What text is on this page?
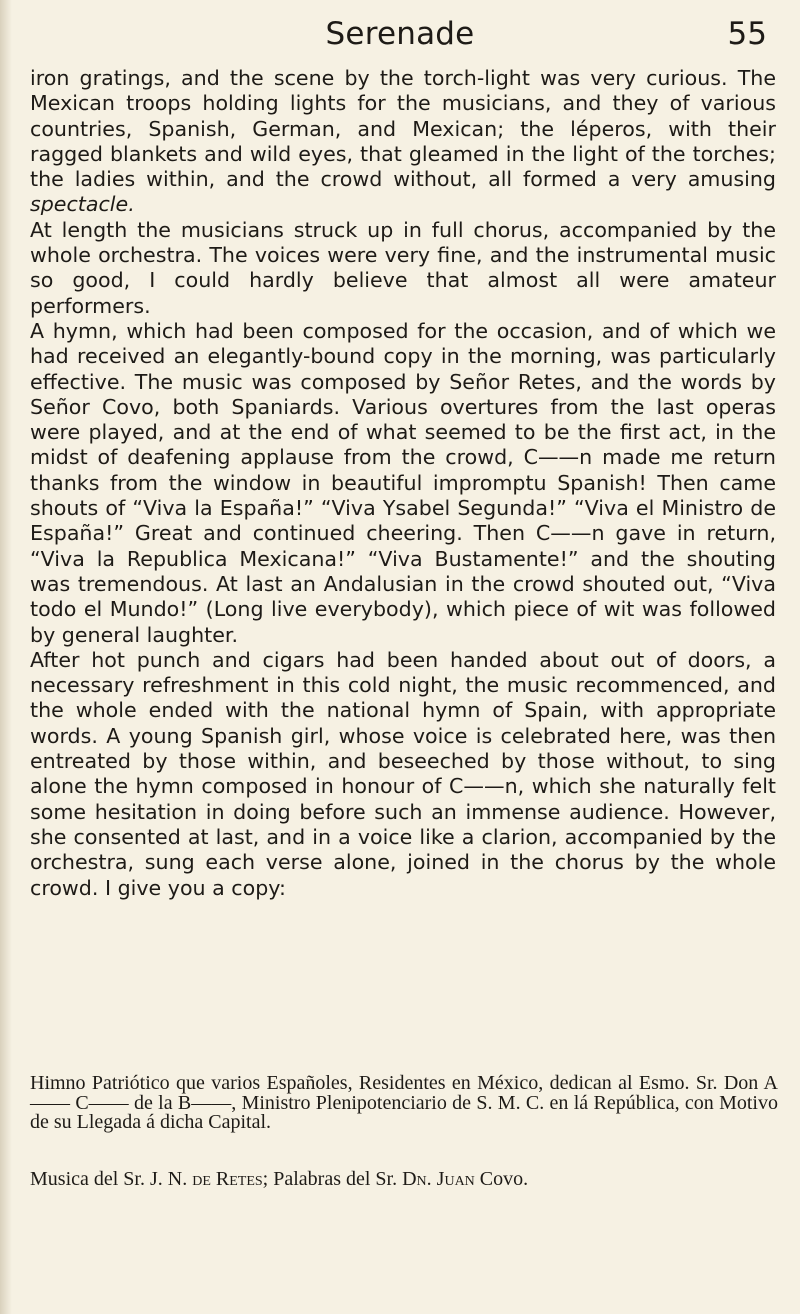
Serenade	55

iron gratings, and the scene by the torch-light was very curious. The Mexican troops holding lights for the musicians, and they of various countries, Spanish, German, and Mexican; the léperos, with their ragged blankets and wild eyes, that gleamed in the light of the torches; the ladies within, and the crowd without, all formed a very amusing spectacle.

At length the musicians struck up in full chorus, accompanied by the whole orchestra. The voices were very fine, and the instrumental music so good, I could hardly believe that almost all were amateur performers.

A hymn, which had been composed for the occasion, and of which we had received an elegantly-bound copy in the morning, was particularly effective. The music was composed by Señor Retes, and the words by Señor Covo, both Spaniards. Various overtures from the last operas were played, and at the end of what seemed to be the first act, in the midst of deafening applause from the crowd, C——n made me return thanks from the window in beautiful impromptu Spanish! Then came shouts of “Viva la España!” “Viva Ysabel Segunda!” “Viva el Ministro de España!” Great and continued cheering. Then C——n gave in return, “Viva la Republica Mexicana!” “Viva Bustamente!” and the shouting was tremendous. At last an Andalusian in the crowd shouted out, “Viva todo el Mundo!” (Long live everybody), which piece of wit was followed by general laughter.

After hot punch and cigars had been handed about out of doors, a necessary refreshment in this cold night, the music recommenced, and the whole ended with the national hymn of Spain, with appropriate words. A young Spanish girl, whose voice is celebrated here, was then entreated by those within, and beseeched by those without, to sing alone the hymn composed in honour of C——n, which she naturally felt some hesitation in doing before such an immense audience. However, she consented at last, and in a voice like a clarion, accompanied by the orchestra, sung each verse alone, joined in the chorus by the whole crowd. I give you a copy:

Himno Patriótico que varios Españoles, Residentes en México, dedican al Esmo. Sr. Don A—— C—— de la B——, Ministro Plenipotenciario de S. M. C. en lá República, con Motivo de su Llegada á dicha Capital.

Musica del Sr. J. N. de Retes; Palabras del Sr. Dn. Juan Covo.
